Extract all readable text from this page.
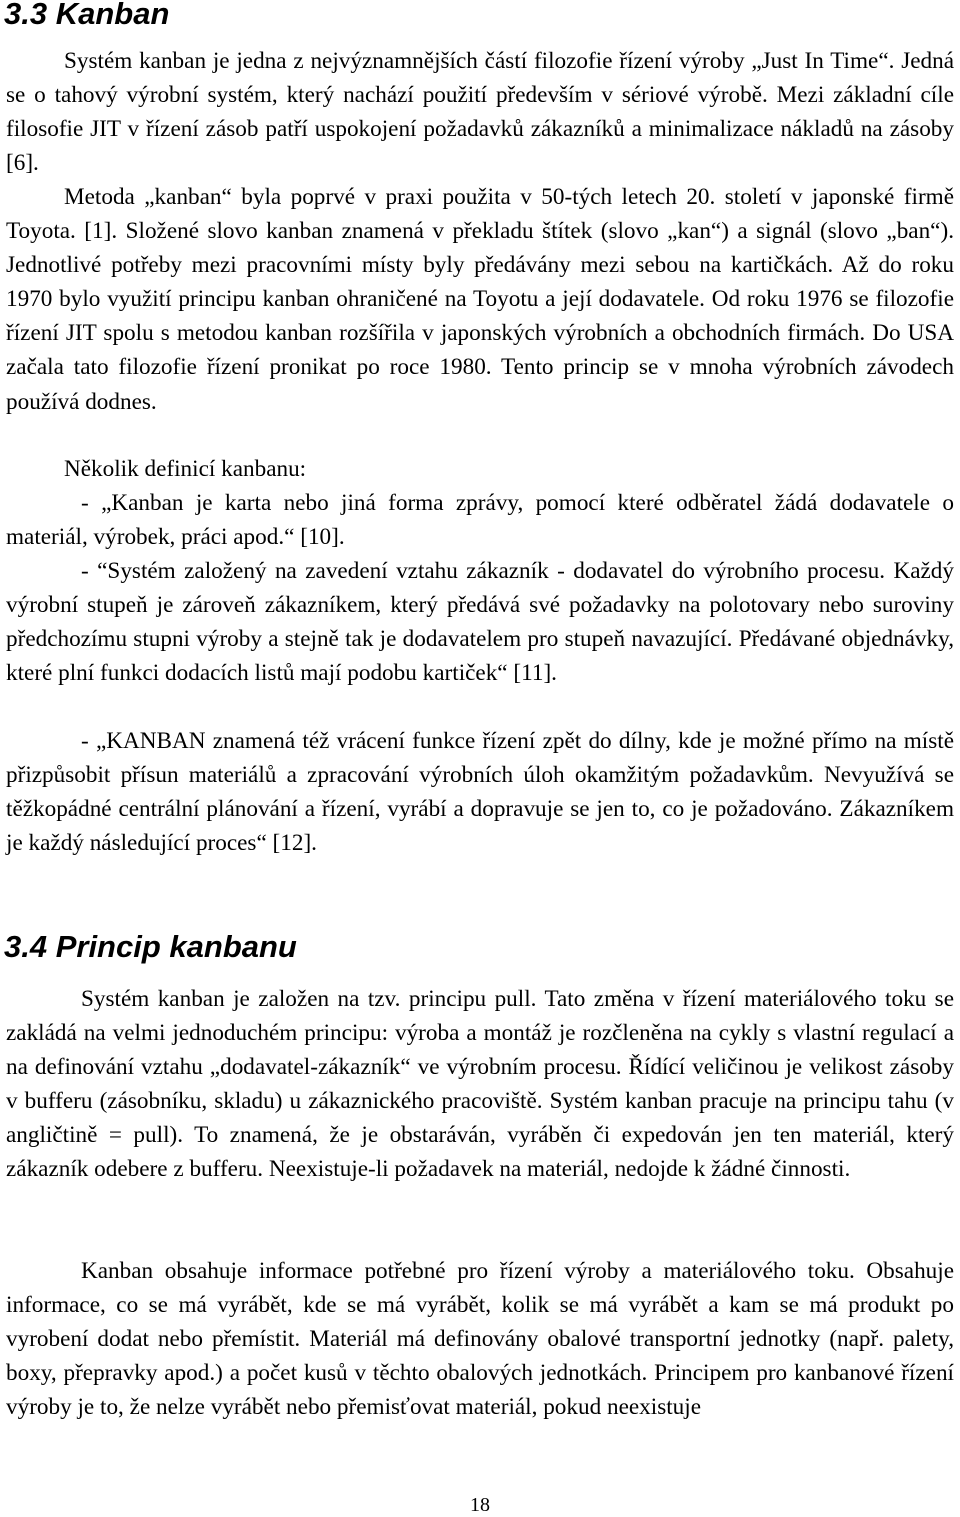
3.3 Kanban

Systém kanban je jedna z nejvýznamnějších částí filozofie řízení výroby „Just In Time“. Jedná se o tahový výrobní systém, který nachází použití především v sériové výrobě. Mezi základní cíle filosofie JIT v řízení zásob patří uspokojení požadavků zákazníků a minimalizace nákladů na zásoby [6].

Metoda „kanban“ byla poprvé v praxi použita v 50-tých letech 20. století v japonské firmě Toyota. [1]. Složené slovo kanban znamená v překladu štítek (slovo „kan“) a signál (slovo „ban“). Jednotlivé potřeby mezi pracovními místy byly předávány mezi sebou na kartičkách. Až do roku 1970 bylo využití principu kanban ohraničené na Toyotu a její dodavatele. Od roku 1976 se filozofie řízení JIT spolu s metodou kanban rozšířila v japonských výrobních a obchodních firmách. Do USA začala tato filozofie řízení pronikat po roce 1980. Tento princip se v mnoha výrobních závodech používá dodnes.

Několik definicí kanbanu:

- „Kanban je karta nebo jiná forma zprávy, pomocí které odběratel žádá dodavatele o materiál, výrobek, práci apod.“ [10].

- “Systém založený na zavedení vztahu zákazník - dodavatel do výrobního procesu. Každý výrobní stupeň je zároveň zákazníkem, který předává své požadavky na polotovary nebo suroviny předchozímu stupni výroby a stejně tak je dodavatelem pro stupeň navazující. Předávané objednávky, které plní funkci dodacích listů mají podobu kartiček“ [11].

- „KANBAN znamená též vrácení funkce řízení zpět do dílny, kde je možné přímo na místě přizpůsobit přísun materiálů a zpracování výrobních úloh okamžitým požadavkům. Nevyužívá se těžkopádné centrální plánování a řízení, vyrábí a dopravuje se jen to, co je požadováno. Zákazníkem je každý následující proces“ [12].

3.4 Princip kanbanu

Systém kanban je založen na tzv. principu pull. Tato změna v řízení materiálového toku se zakládá na velmi jednoduchém principu: výroba a montáž je rozčleněna na cykly s vlastní regulací a na definování vztahu „dodavatel-zákazník“ ve výrobním procesu. Řídící veličinou je velikost zásoby v bufferu (zásobníku, skladu) u zákaznického pracoviště. Systém kanban pracuje na principu tahu (v angličtině = pull). To znamená, že je obstaráván, vyráběn či expedován jen ten materiál, který zákazník odebere z bufferu. Neexistuje-li požadavek na materiál, nedojde k žádné činnosti.

Kanban obsahuje informace potřebné pro řízení výroby a materiálového toku. Obsahuje informace, co se má vyrábět, kde se má vyrábět, kolik se má vyrábět a kam se má produkt po vyrobení dodat nebo přemístit. Materiál má definovány obalové transportní jednotky (např. palety, boxy, přepravky apod.) a počet kusů v těchto obalových jednotkách. Principem pro kanbanové řízení výroby je to, že nelze vyrábět nebo přemisťovat materiál, pokud neexistuje

18
